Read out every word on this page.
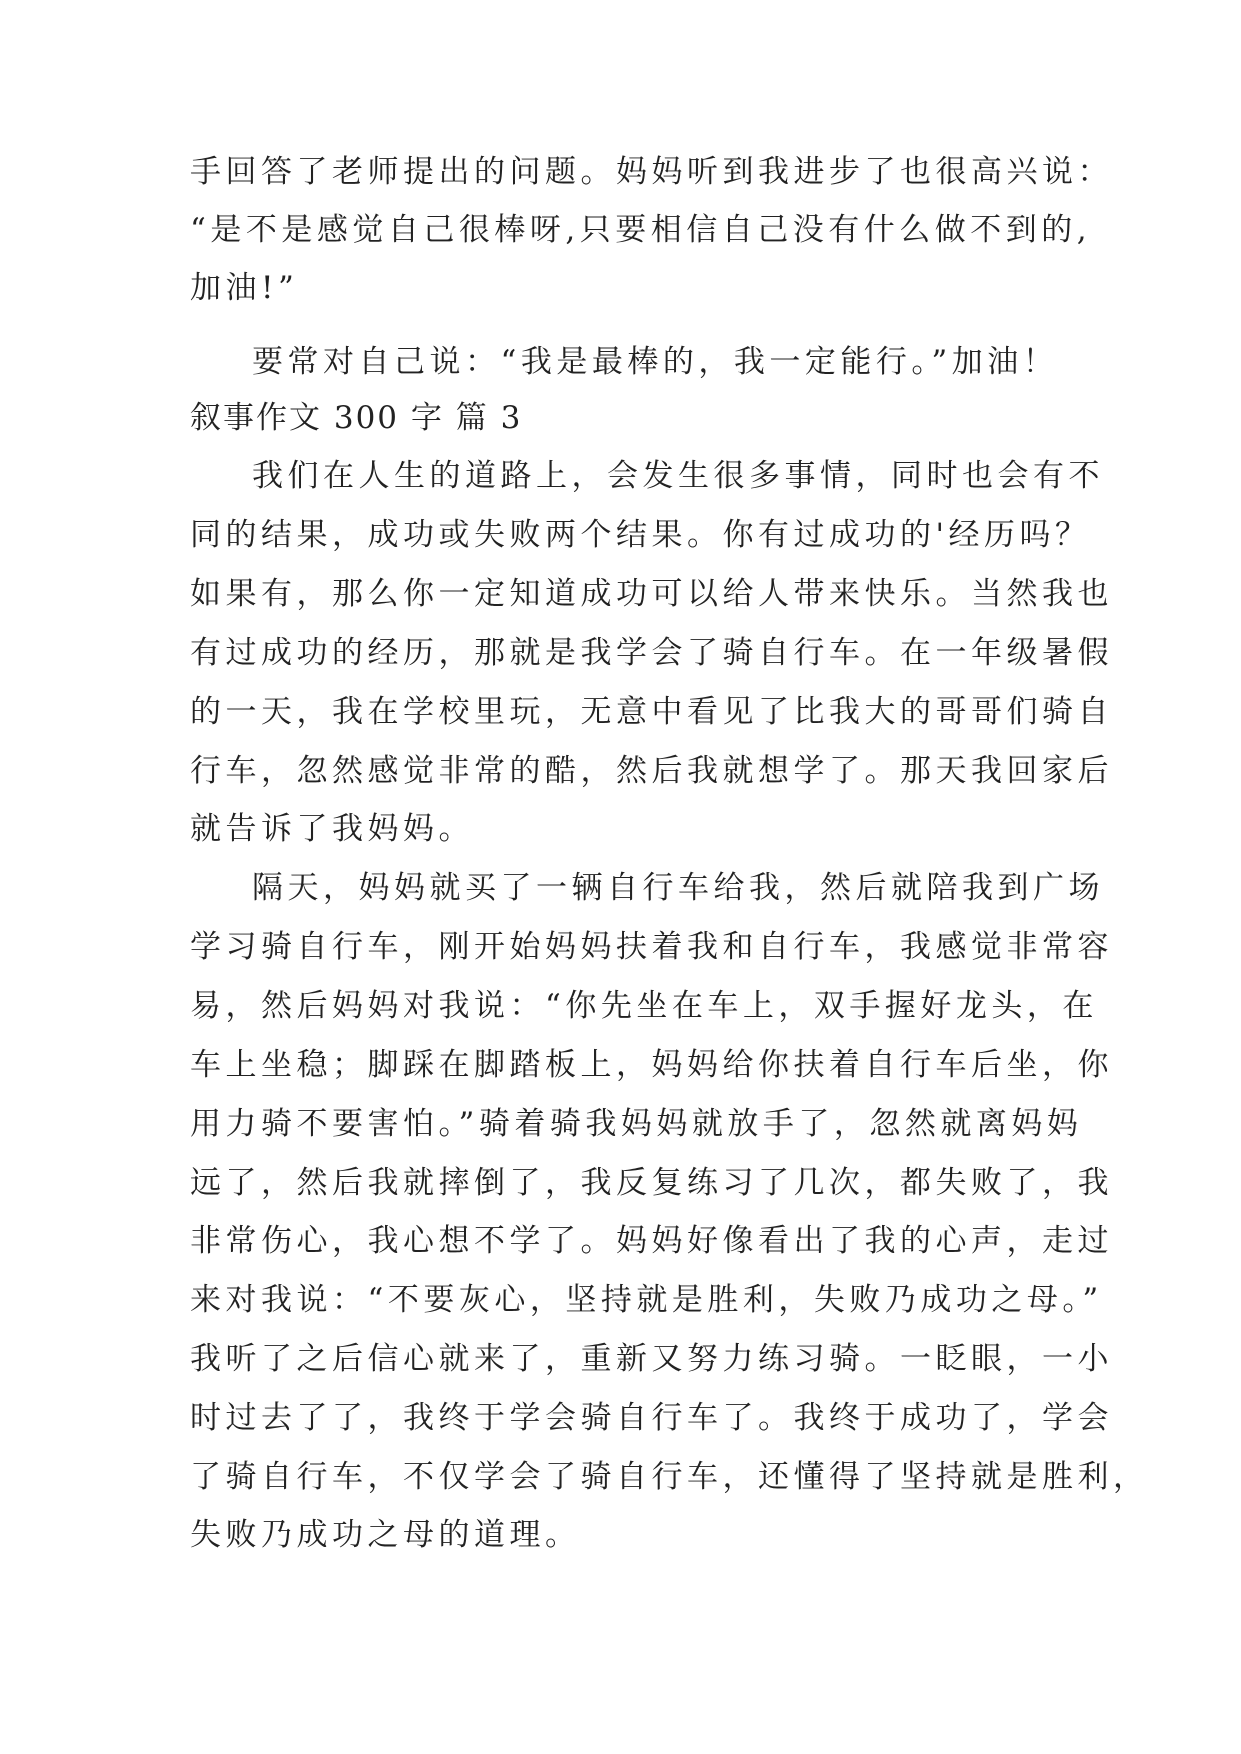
手回答了老师提出的问题。妈妈听到我进步了也很高兴说：
“是不是感觉自己很棒呀,只要相信自己没有什么做不到的,
加油!”
要常对自己说：“我是最棒的，我一定能行。”加油！
叙事作文 300 字 篇 3
我们在人生的道路上，会发生很多事情，同时也会有不
同的结果，成功或失败两个结果。你有过成功的'经历吗？
如果有，那么你一定知道成功可以给人带来快乐。当然我也
有过成功的经历，那就是我学会了骑自行车。在一年级暑假
的一天，我在学校里玩，无意中看见了比我大的哥哥们骑自
行车，忽然感觉非常的酷，然后我就想学了。那天我回家后
就告诉了我妈妈。
隔天，妈妈就买了一辆自行车给我，然后就陪我到广场
学习骑自行车，刚开始妈妈扶着我和自行车，我感觉非常容
易，然后妈妈对我说：“你先坐在车上，双手握好龙头，在
车上坐稳；脚踩在脚踏板上，妈妈给你扶着自行车后坐，你
用力骑不要害怕。”骑着骑我妈妈就放手了，忽然就离妈妈
远了，然后我就摔倒了，我反复练习了几次，都失败了，我
非常伤心，我心想不学了。妈妈好像看出了我的心声，走过
来对我说：“不要灰心，坚持就是胜利，失败乃成功之母。”
我听了之后信心就来了，重新又努力练习骑。一眨眼，一小
时过去了了，我终于学会骑自行车了。我终于成功了，学会
了骑自行车，不仅学会了骑自行车，还懂得了坚持就是胜利，
失败乃成功之母的道理。
